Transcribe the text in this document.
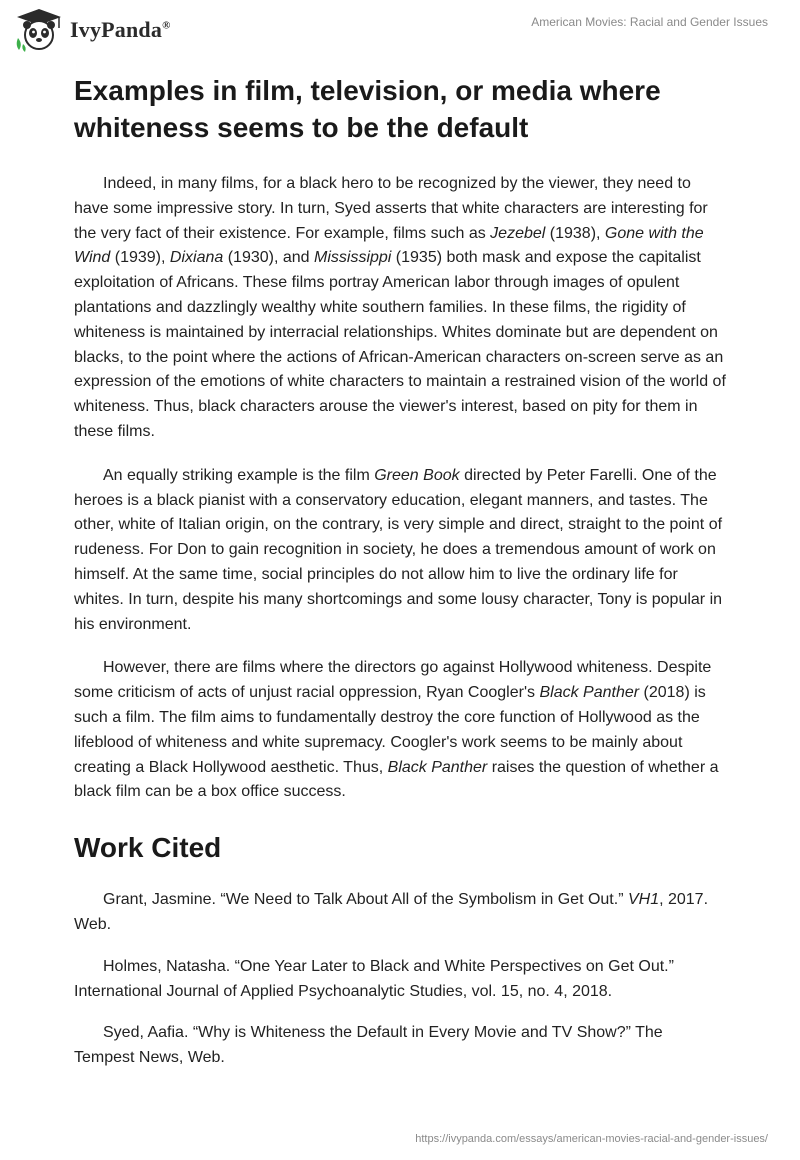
IvyPanda®	American Movies: Racial and Gender Issues
Examples in film, television, or media where whiteness seems to be the default

Indeed, in many films, for a black hero to be recognized by the viewer, they need to have some impressive story. In turn, Syed asserts that white characters are interesting for the very fact of their existence. For example, films such as Jezebel (1938), Gone with the Wind (1939), Dixiana (1930), and Mississippi (1935) both mask and expose the capitalist exploitation of Africans. These films portray American labor through images of opulent plantations and dazzlingly wealthy white southern families. In these films, the rigidity of whiteness is maintained by interracial relationships. Whites dominate but are dependent on blacks, to the point where the actions of African-American characters on-screen serve as an expression of the emotions of white characters to maintain a restrained vision of the world of whiteness. Thus, black characters arouse the viewer's interest, based on pity for them in these films.

An equally striking example is the film Green Book directed by Peter Farelli. One of the heroes is a black pianist with a conservatory education, elegant manners, and tastes. The other, white of Italian origin, on the contrary, is very simple and direct, straight to the point of rudeness. For Don to gain recognition in society, he does a tremendous amount of work on himself. At the same time, social principles do not allow him to live the ordinary life for whites. In turn, despite his many shortcomings and some lousy character, Tony is popular in his environment.

However, there are films where the directors go against Hollywood whiteness. Despite some criticism of acts of unjust racial oppression, Ryan Coogler's Black Panther (2018) is such a film. The film aims to fundamentally destroy the core function of Hollywood as the lifeblood of whiteness and white supremacy. Coogler's work seems to be mainly about creating a Black Hollywood aesthetic. Thus, Black Panther raises the question of whether a black film can be a box office success.

Work Cited

Grant, Jasmine. “We Need to Talk About All of the Symbolism in Get Out.” VH1, 2017. Web.

Holmes, Natasha. “One Year Later to Black and White Perspectives on Get Out.” International Journal of Applied Psychoanalytic Studies, vol. 15, no. 4, 2018.

Syed, Aafia. “Why is Whiteness the Default in Every Movie and TV Show?” The Tempest News, Web.

https://ivypanda.com/essays/american-movies-racial-and-gender-issues/
